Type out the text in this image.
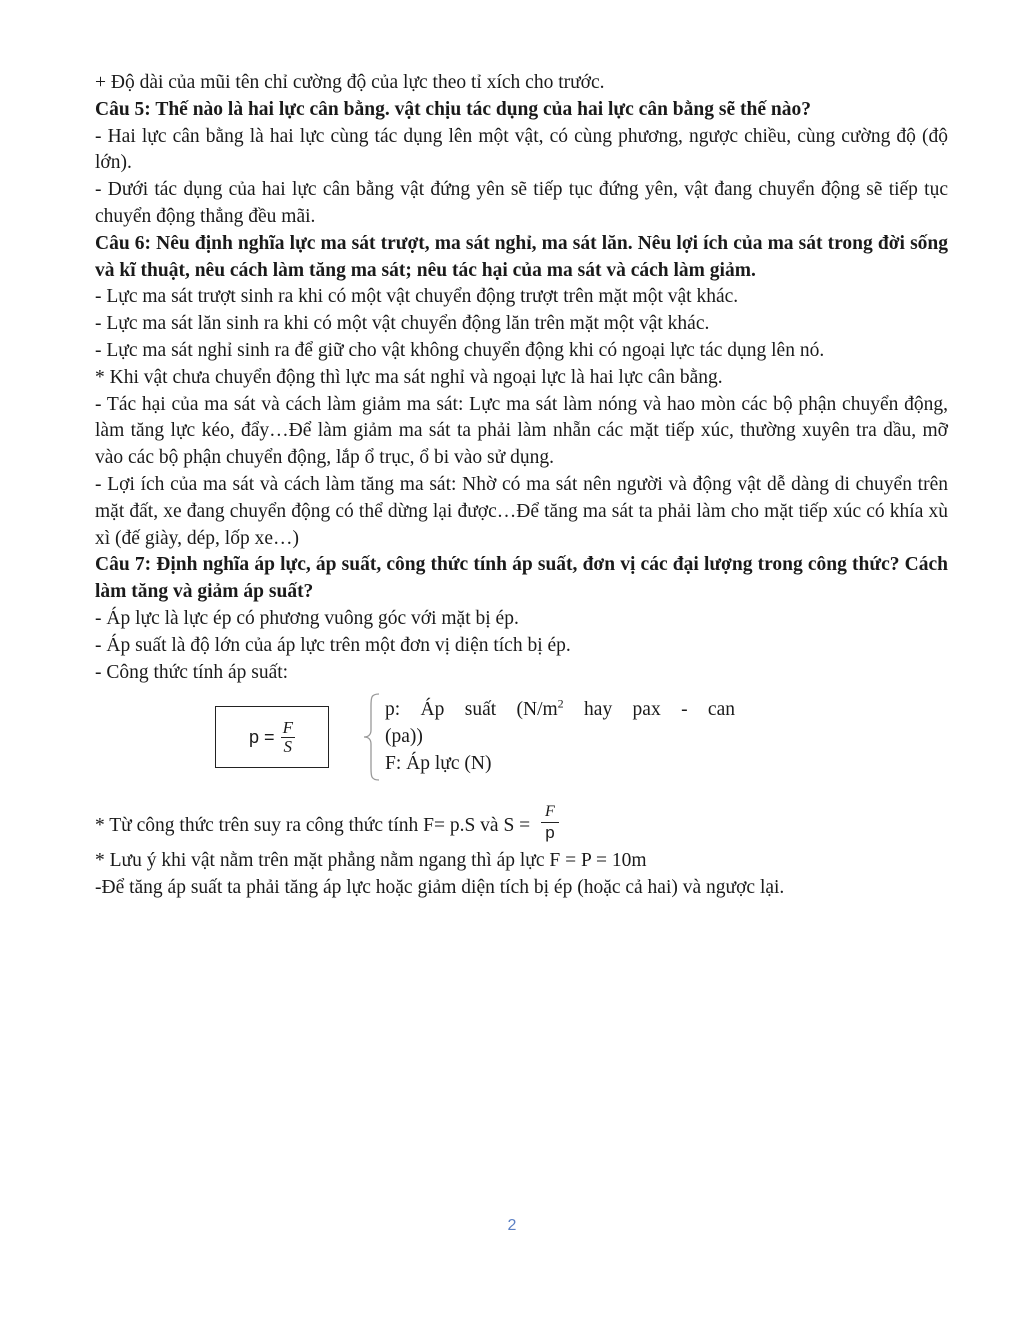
+ Độ dài của mũi tên chỉ cường độ của lực theo tỉ xích cho trước.

Câu 5: Thế nào là hai lực cân bằng. vật chịu tác dụng của hai lực cân bằng sẽ thế nào?

- Hai lực cân bằng là hai lực cùng tác dụng lên một vật, có cùng phương, ngược chiều, cùng cường độ (độ lớn).

- Dưới tác dụng của hai lực cân bằng vật đứng yên sẽ tiếp tục đứng yên, vật đang chuyển động sẽ tiếp tục chuyển động thẳng đều mãi.

Câu 6: Nêu định nghĩa lực ma sát trượt, ma sát nghỉ, ma sát lăn. Nêu lợi ích của ma sát trong đời sống và kĩ thuật, nêu cách làm tăng ma sát; nêu tác hại của ma sát và cách làm giảm.

- Lực ma sát trượt sinh ra khi có một vật chuyển động trượt trên mặt một vật khác.

- Lực ma sát lăn sinh ra khi có một vật chuyển động lăn trên mặt một vật khác.

- Lực ma sát nghỉ sinh ra để giữ cho vật không chuyển động khi có ngoại lực tác dụng lên nó.

* Khi vật chưa chuyển động thì lực ma sát nghỉ và ngoại lực là hai lực cân bằng.

- Tác hại của ma sát và cách làm giảm ma sát: Lực ma sát làm nóng và hao mòn các bộ phận chuyển động, làm tăng lực kéo, đẩy…Để làm giảm ma sát ta phải làm nhẵn các mặt tiếp xúc, thường xuyên tra dầu, mỡ vào các bộ phận chuyển động, lắp ổ trục, ổ bi vào sử dụng.

- Lợi ích của ma sát và cách làm tăng ma sát: Nhờ có ma sát nên người và động vật dễ dàng di chuyển trên mặt đất, xe đang chuyển động có thể dừng lại được…Để tăng ma sát ta phải làm cho mặt tiếp xúc có khía xù xì (đế giày, dép, lốp xe…)

Câu 7: Định nghĩa áp lực, áp suất, công thức tính áp suất, đơn vị các đại lượng trong công thức? Cách làm tăng và giảm áp suất?

- Áp lực là lực ép có phương vuông góc với mặt bị ép.

- Áp suất là độ lớn của áp lực trên một đơn vị diện tích bị ép.

- Công thức tính áp suất:

$p = \frac{F}{S}$
p: Áp suất ($N/m^2$ hay pax - can
(pa))
F: Áp lực (N)
* Từ công thức trên suy ra công thức tính F= p.S và $S = \frac{F}{p}$

* Lưu ý khi vật nằm trên mặt phẳng nằm ngang thì áp lực F = P = 10m

-Để tăng áp suất ta phải tăng áp lực hoặc giảm diện tích bị ép (hoặc cả hai) và ngược lại.

2
